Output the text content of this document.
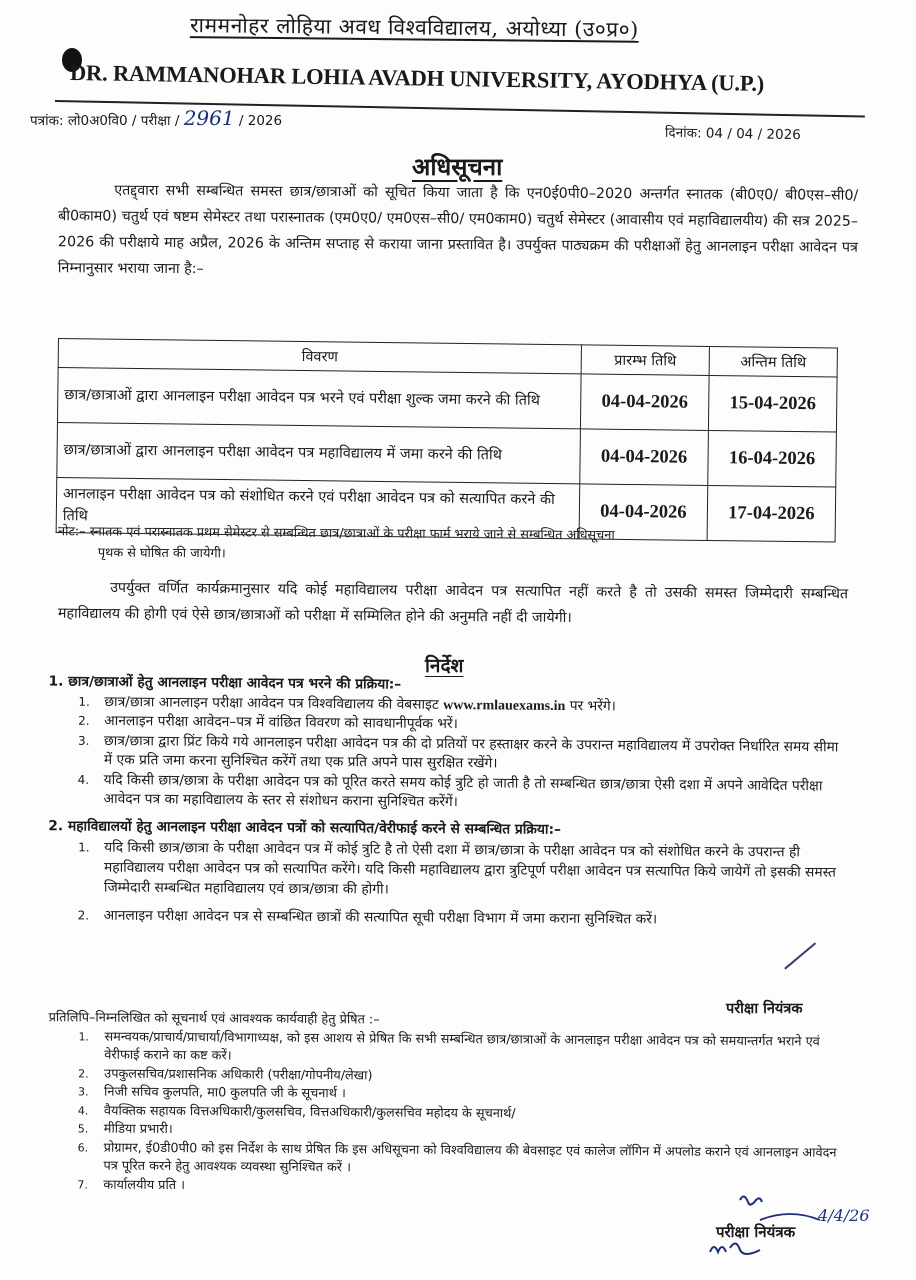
राममनोहर लोहिया अवध विश्वविद्यालय, अयोध्या (उ०प्र०)
DR. RAMMANOHAR LOHIA AVADH UNIVERSITY, AYODHYA (U.P.)
पत्रांक: लो0अ0वि0 / परीक्षा / 2961 / 2026
दिनांक: 04 / 04 / 2026
अधिसूचना
एतद्द्वारा सभी सम्बन्धित समस्त छात्र/छात्राओं को सूचित किया जाता है कि एन0ई0पी0–2020 अन्तर्गत स्नातक (बी0ए0/ बी0एस–सी0/बी0काम0) चतुर्थ एवं षष्टम सेमेस्टर तथा परास्नातक (एम0ए0/ एम0एस–सी0/ एम0काम0) चतुर्थ सेमेस्टर (आवासीय एवं महाविद्यालयीय) की सत्र 2025–2026 की परीक्षाये माह अप्रैल, 2026 के अन्तिम सप्ताह से कराया जाना प्रस्तावित है। उपर्युक्त पाठ्यक्रम की परीक्षाओं हेतु आनलाइन परीक्षा आवेदन पत्र निम्नानुसार भराया जाना है:–
विवरण	प्रारम्भ तिथि	अन्तिम तिथि
छात्र/छात्राओं द्वारा आनलाइन परीक्षा आवेदन पत्र भरने एवं परीक्षा शुल्क जमा करने की तिथि	04-04-2026	15-04-2026
छात्र/छात्राओं द्वारा आनलाइन परीक्षा आवेदन पत्र महाविद्यालय में जमा करने की तिथि	04-04-2026	16-04-2026
आनलाइन परीक्षा आवेदन पत्र को संशोधित करने एवं परीक्षा आवेदन पत्र को सत्यापित करने की तिथि	04-04-2026	17-04-2026
नोट:– स्नातक एवं परास्नातक प्रथम सेमेस्टर से सम्बन्धित छात्र/छात्राओं के परीक्षा फार्म भराये जाने से सम्बन्धित अधिसूचना
पृथक से घोषित की जायेगी।
उपर्युक्त वर्णित कार्यक्रमानुसार यदि कोई महाविद्यालय परीक्षा आवेदन पत्र सत्यापित नहीं करते है तो उसकी समस्त जिम्मेदारी सम्बन्धित महाविद्यालय की होगी एवं ऐसे छात्र/छात्राओं को परीक्षा में सम्मिलित होने की अनुमति नहीं दी जायेगी।
निर्देश
1. छात्र/छात्राओं हेतु आनलाइन परीक्षा आवेदन पत्र भरने की प्रक्रिया:–
1. छात्र/छात्रा आनलाइन परीक्षा आवेदन पत्र विश्वविद्यालय की वेबसाइट www.rmlauexams.in पर भरेंगे।
2. आनलाइन परीक्षा आवेदन–पत्र में वांछित विवरण को सावधानीपूर्वक भरें।
3. छात्र/छात्रा द्वारा प्रिंट किये गये आनलाइन परीक्षा आवेदन पत्र की दो प्रतियों पर हस्ताक्षर करने के उपरान्त महाविद्यालय में उपरोक्त निर्धारित समय सीमा में एक प्रति जमा करना सुनिश्चित करेंगें तथा एक प्रति अपने पास सुरक्षित रखेंगे।
4. यदि किसी छात्र/छात्रा के परीक्षा आवेदन पत्र को पूरित करते समय कोई त्रुटि हो जाती है तो सम्बन्धित छात्र/छात्रा ऐसी दशा में अपने आवेदित परीक्षा आवेदन पत्र का महाविद्यालय के स्तर से संशोधन कराना सुनिश्चित करेंगें।
2. महाविद्यालयों हेतु आनलाइन परीक्षा आवेदन पत्रों को सत्यापित/वेरीफाई करने से सम्बन्धित प्रक्रिया:–
1. यदि किसी छात्र/छात्रा के परीक्षा आवेदन पत्र में कोई त्रुटि है तो ऐसी दशा में छात्र/छात्रा के परीक्षा आवेदन पत्र को संशोधित करने के उपरान्त ही महाविद्यालय परीक्षा आवेदन पत्र को सत्यापित करेंगे। यदि किसी महाविद्यालय द्वारा त्रुटिपूर्ण परीक्षा आवेदन पत्र सत्यापित किये जायेगें तो इसकी समस्त जिम्मेदारी सम्बन्धित महाविद्यालय एवं छात्र/छात्रा की होगी।
2. आनलाइन परीक्षा आवेदन पत्र से सम्बन्धित छात्रों की सत्यापित सूची परीक्षा विभाग में जमा कराना सुनिश्चित करें।
परीक्षा नियंत्रक
प्रतिलिपि–निम्नलिखित को सूचनार्थ एवं आवश्यक कार्यवाही हेतु प्रेषित :–
1. समन्वयक/प्राचार्य/प्राचार्या/विभागाध्यक्ष, को इस आशय से प्रेषित कि सभी सम्बन्धित छात्र/छात्राओं के आनलाइन परीक्षा आवेदन पत्र को समयान्तर्गत भराने एवं वेरीफाई कराने का कष्ट करें।
2. उपकुलसचिव/प्रशासनिक अधिकारी (परीक्षा/गोपनीय/लेखा)
3. निजी सचिव कुलपति, मा0 कुलपति जी के सूचनार्थ ।
4. वैयक्तिक सहायक वित्तअधिकारी/कुलसचिव, वित्तअधिकारी/कुलसचिव महोदय के सूचनार्थ/
5. मीडिया प्रभारी।
6. प्रोग्रामर, ई0डी0पी0 को इस निर्देश के साथ प्रेषित कि इस अधिसूचना को विश्वविद्यालय की बेवसाइट एवं कालेज लॉगिन में अपलोड कराने एवं आनलाइन आवेदन पत्र पूरित करने हेतु आवश्यक व्यवस्था सुनिश्चित करें ।
7. कार्यालयीय प्रति ।
4/4/26
परीक्षा नियंत्रक
